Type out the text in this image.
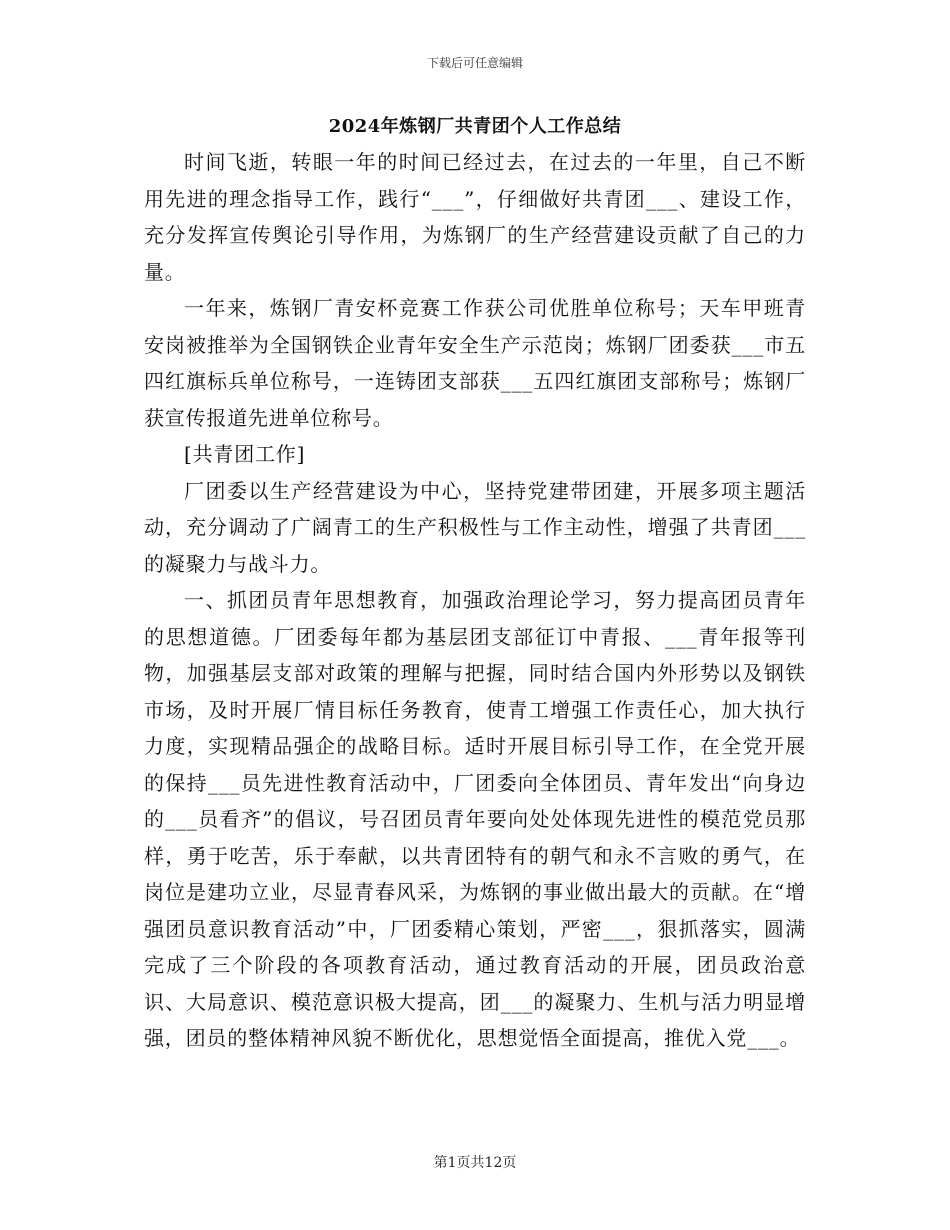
下载后可任意编辑
2024年炼钢厂共青团个人工作总结

时间飞逝，转眼一年的时间已经过去，在过去的一年里，自己不断用先进的理念指导工作，践行“___”，仔细做好共青团___、建设工作，充分发挥宣传舆论引导作用，为炼钢厂的生产经营建设贡献了自己的力量。

一年来，炼钢厂青安杯竞赛工作获公司优胜单位称号；天车甲班青安岗被推举为全国钢铁企业青年安全生产示范岗；炼钢厂团委获___市五四红旗标兵单位称号，一连铸团支部获___五四红旗团支部称号；炼钢厂获宣传报道先进单位称号。

[共青团工作]

厂团委以生产经营建设为中心，坚持党建带团建，开展多项主题活动，充分调动了广阔青工的生产积极性与工作主动性，增强了共青团___的凝聚力与战斗力。

一、抓团员青年思想教育，加强政治理论学习，努力提高团员青年的思想道德。厂团委每年都为基层团支部征订中青报、___青年报等刊物，加强基层支部对政策的理解与把握，同时结合国内外形势以及钢铁市场，及时开展厂情目标任务教育，使青工增强工作责任心，加大执行力度，实现精品强企的战略目标。适时开展目标引导工作，在全党开展的保持___员先进性教育活动中，厂团委向全体团员、青年发出“向身边的___员看齐”的倡议，号召团员青年要向处处体现先进性的模范党员那样，勇于吃苦，乐于奉献，以共青团特有的朝气和永不言败的勇气，在岗位是建功立业，尽显青春风采，为炼钢的事业做出最大的贡献。在“增强团员意识教育活动”中，厂团委精心策划，严密___，狠抓落实，圆满完成了三个阶段的各项教育活动，通过教育活动的开展，团员政治意识、大局意识、模范意识极大提高，团___的凝聚力、生机与活力明显增强，团员的整体精神风貌不断优化，思想觉悟全面提高，推优入党___。

第1页共12页
